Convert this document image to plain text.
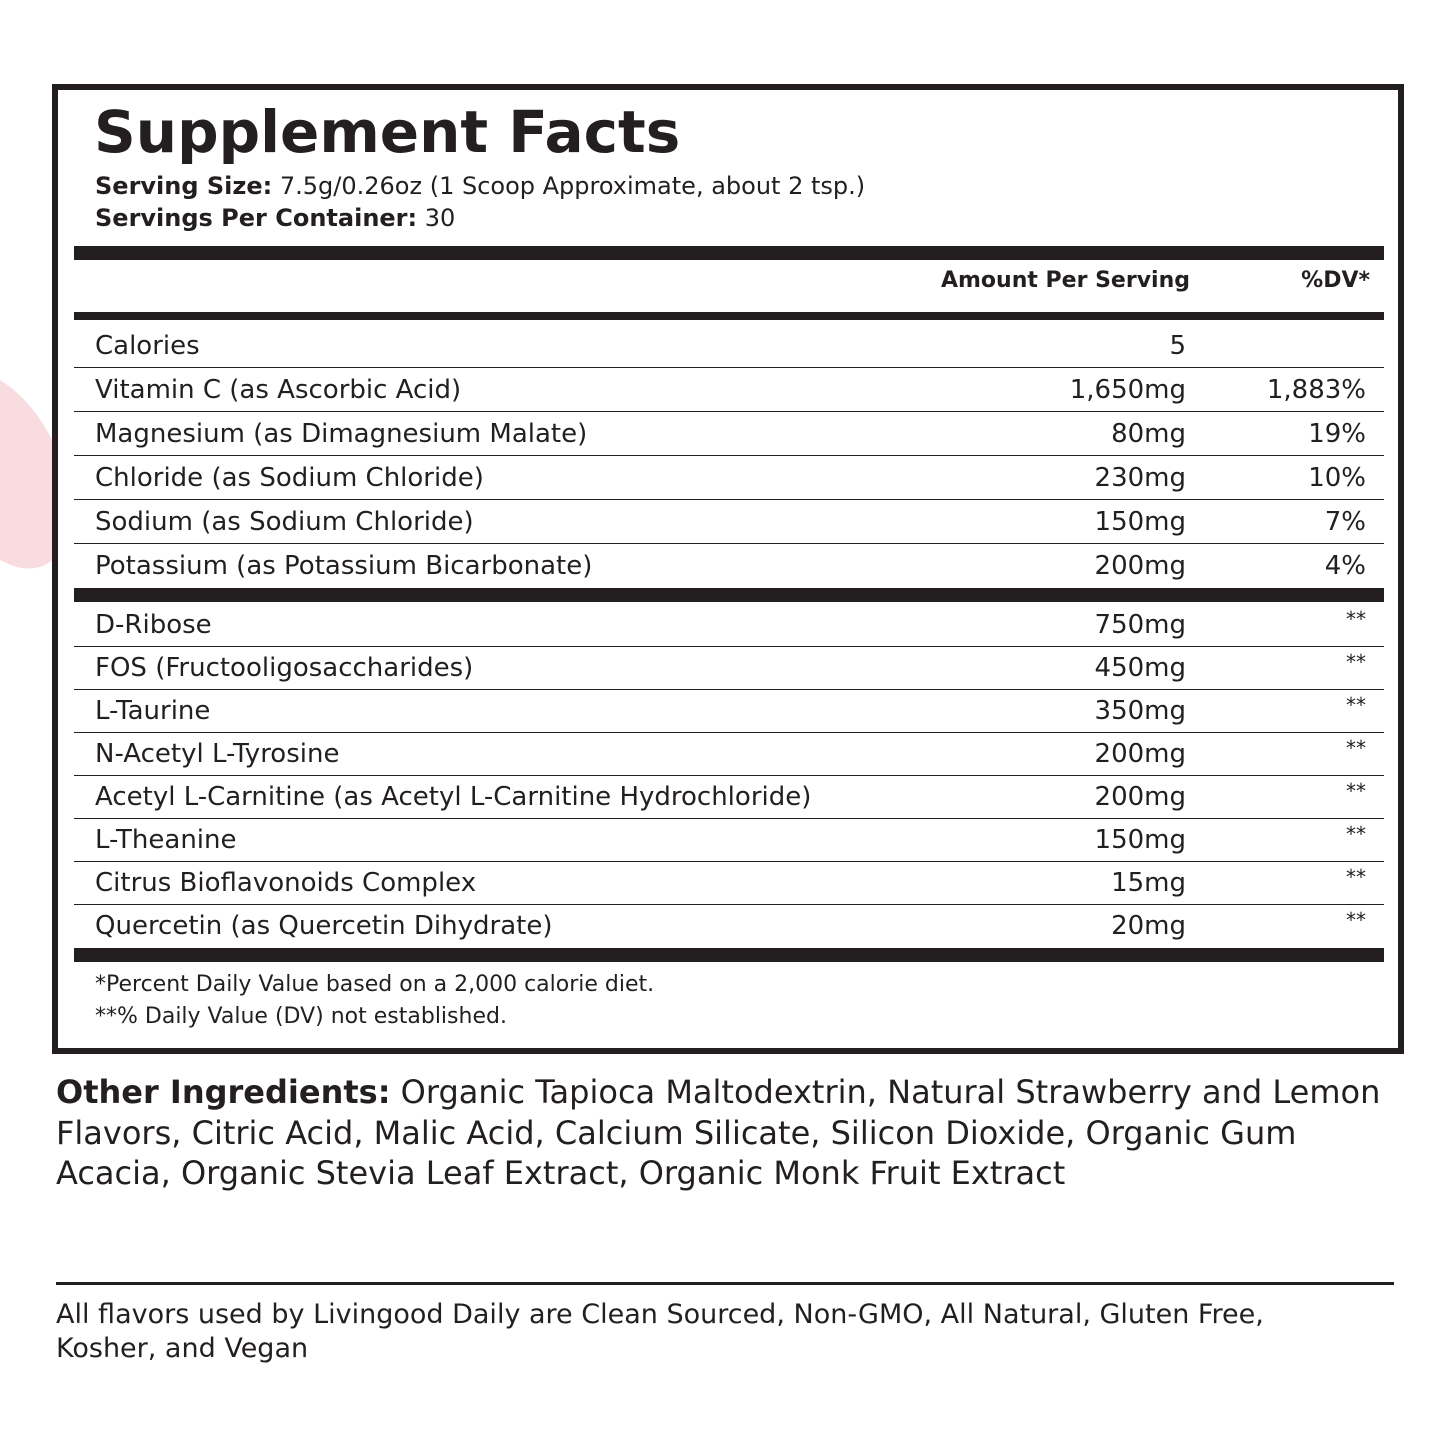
Supplement Facts
Serving Size: 7.5g/0.26oz (1 Scoop Approximate, about 2 tsp.)
Servings Per Container: 30
Amount Per Serving	%DV*
Calories	5
Vitamin C (as Ascorbic Acid)	1,650mg	1,883%
Magnesium (as Dimagnesium Malate)	80mg	19%
Chloride (as Sodium Chloride)	230mg	10%
Sodium (as Sodium Chloride)	150mg	7%
Potassium (as Potassium Bicarbonate)	200mg	4%
D-Ribose	750mg	**
FOS (Fructooligosaccharides)	450mg	**
L-Taurine	350mg	**
N-Acetyl L-Tyrosine	200mg	**
Acetyl L-Carnitine (as Acetyl L-Carnitine Hydrochloride)	200mg	**
L-Theanine	150mg	**
Citrus Bioflavonoids Complex	15mg	**
Quercetin (as Quercetin Dihydrate)	20mg	**
*Percent Daily Value based on a 2,000 calorie diet.
**% Daily Value (DV) not established.

Other Ingredients: Organic Tapioca Maltodextrin, Natural Strawberry and Lemon Flavors, Citric Acid, Malic Acid, Calcium Silicate, Silicon Dioxide, Organic Gum Acacia, Organic Stevia Leaf Extract, Organic Monk Fruit Extract

All flavors used by Livingood Daily are Clean Sourced, Non-GMO, All Natural, Gluten Free, Kosher, and Vegan
